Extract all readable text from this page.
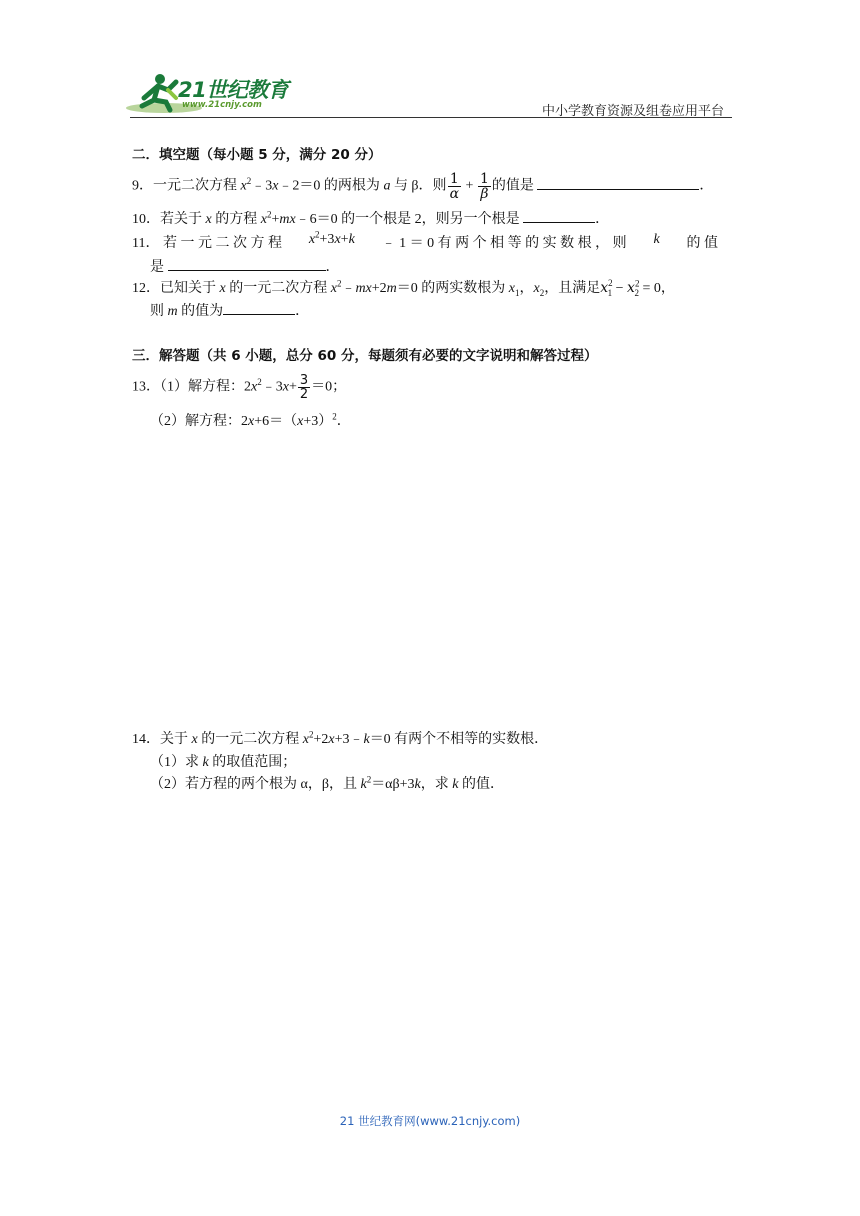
21世纪教育
www.21cnjy.com	中小学教育资源及组卷应用平台
二．填空题（每小题 5 分，满分 20 分）
9．一元二次方程 $x^2﹣3x﹣2=0$ 的两根为 a 与 β．则 $\frac{1}{\alpha} + \frac{1}{\beta}$ 的值是	．
10．若关于 x 的方程 $x^2+mx﹣6=0$ 的一个根是 2，则另一个根是	．
11． 若 一 元 二 次 方 程 $x^2+3x+k$ ﹣ 1 ＝ 0 有 两 个 相 等 的 实 数 根 ， 则 k 的 值
是	．
12．已知关于 x 的一元二次方程 $x^2﹣mx+2m=0$ 的两实数根为 $x_1$，$x_2$，且满足$x^2_1 - x^2_2 = 0$，
则 m 的值为	．
三．解答题（共 6 小题，总分 60 分，每题须有必要的文字说明和解答过程）
13．（1）解方程：$2x^2﹣3x+ \frac{3}{2} =0$；
（2）解方程：$2x+6=(x+3)^2$．
14．关于 x 的一元二次方程 $x^2+2x+3﹣k=0$ 有两个不相等的实数根．
（1）求 k 的取值范围；
（2）若方程的两个根为 α，β，且 $k^2=\alpha\beta+3k$，求 k 的值．
21 世纪教育网(www.21cnjy.com)
